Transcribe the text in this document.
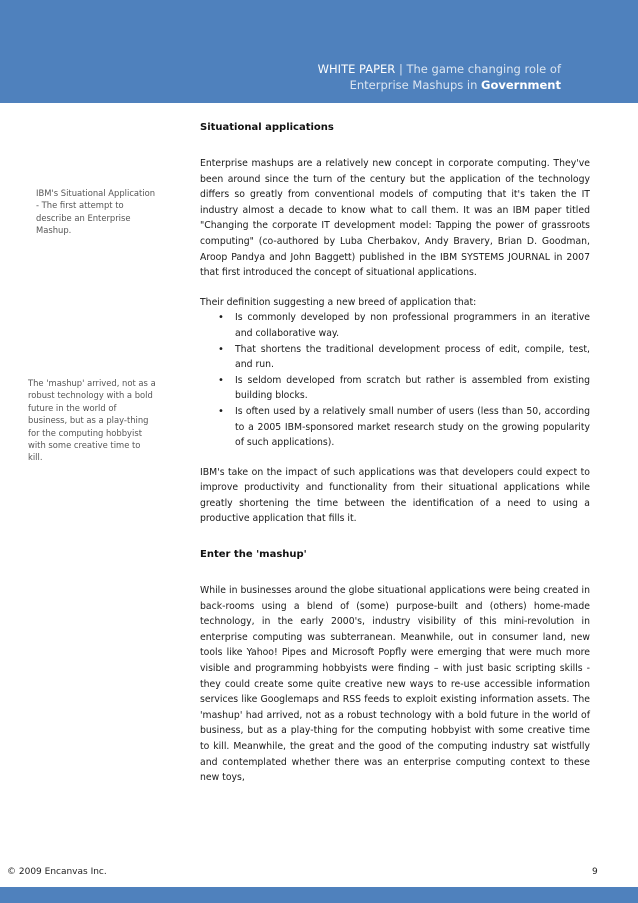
WHITE PAPER | The game changing role of
Enterprise Mashups in Government

IBM's Situational Application - The first attempt to describe an Enterprise Mashup.

The 'mashup' arrived, not as a robust technology with a bold future in the world of business, but as a play-thing for the computing hobbyist with some creative time to kill.

Situational applications

Enterprise mashups are a relatively new concept in corporate computing. They've been around since the turn of the century but the application of the technology differs so greatly from conventional models of computing that it's taken the IT industry almost a decade to know what to call them. It was an IBM paper titled "Changing the corporate IT development model: Tapping the power of grassroots computing" (co-authored by Luba Cherbakov, Andy Bravery, Brian D. Goodman, Aroop Pandya and John Baggett) published in the IBM SYSTEMS JOURNAL in 2007 that first introduced the concept of situational applications.

Their definition suggesting a new breed of application that:

• Is commonly developed by non professional programmers in an iterative and collaborative way.
• That shortens the traditional development process of edit, compile, test, and run.
• Is seldom developed from scratch but rather is assembled from existing building blocks.
• Is often used by a relatively small number of users (less than 50, according to a 2005 IBM-sponsored market research study on the growing popularity of such applications).

IBM's take on the impact of such applications was that developers could expect to improve productivity and functionality from their situational applications while greatly shortening the time between the identification of a need to using a productive application that fills it.

Enter the 'mashup'

While in businesses around the globe situational applications were being created in back-rooms using a blend of (some) purpose-built and (others) home-made technology, in the early 2000's, industry visibility of this mini-revolution in enterprise computing was subterranean. Meanwhile, out in consumer land, new tools like Yahoo! Pipes and Microsoft Popfly were emerging that were much more visible and programming hobbyists were finding – with just basic scripting skills - they could create some quite creative new ways to re-use accessible information services like Googlemaps and RSS feeds to exploit existing information assets. The 'mashup' had arrived, not as a robust technology with a bold future in the world of business, but as a play-thing for the computing hobbyist with some creative time to kill. Meanwhile, the great and the good of the computing industry sat wistfully and contemplated whether there was an enterprise computing context to these new toys,

© 2009 Encanvas Inc.	9
